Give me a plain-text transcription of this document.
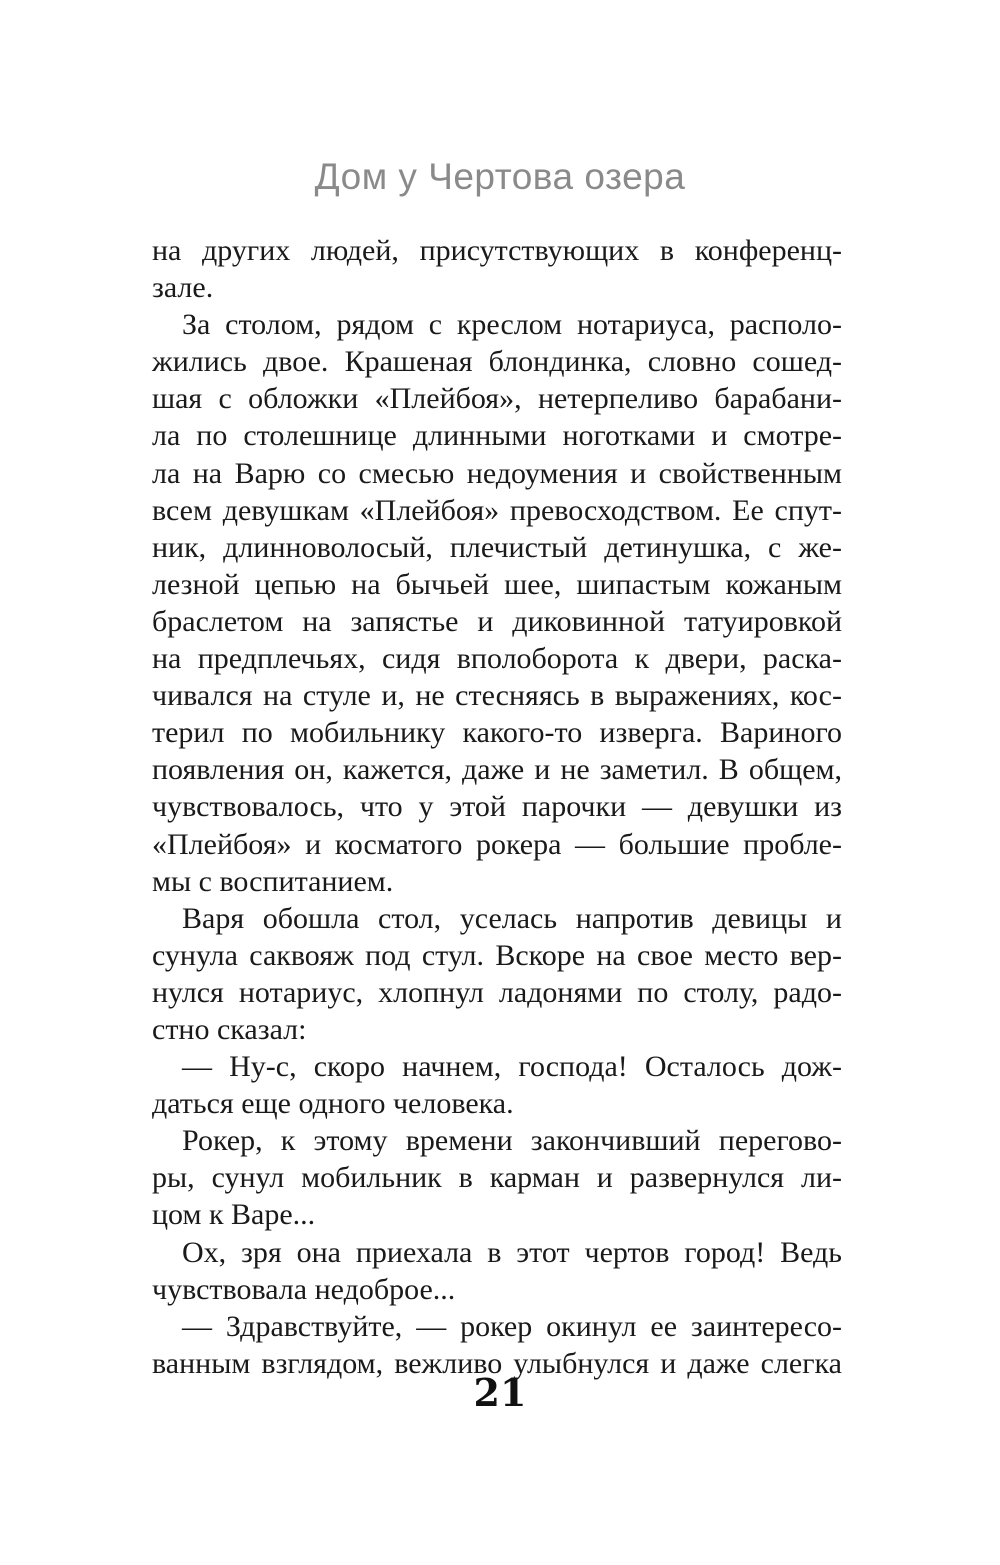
Дом у Чертова озера
на других людей, присутствующих в конференц-
зале.
За столом, рядом с креслом нотариуса, располо-
жились двое. Крашеная блондинка, словно сошед-
шая с обложки «Плейбоя», нетерпеливо барабани-
ла по столешнице длинными ноготками и смотре-
ла на Варю со смесью недоумения и свойственным
всем девушкам «Плейбоя» превосходством. Ее спут-
ник, длинноволосый, плечистый детинушка, с же-
лезной цепью на бычьей шее, шипастым кожаным
браслетом на запястье и диковинной татуировкой
на предплечьях, сидя вполоборота к двери, раска-
чивался на стуле и, не стесняясь в выражениях, кос-
терил по мобильнику какого-то изверга. Вариного
появления он, кажется, даже и не заметил. В общем,
чувствовалось, что у этой парочки — девушки из
«Плейбоя» и косматого рокера — большие пробле-
мы с воспитанием.
Варя обошла стол, уселась напротив девицы и
сунула саквояж под стул. Вскоре на свое место вер-
нулся нотариус, хлопнул ладонями по столу, радо-
стно сказал:
— Ну-с, скоро начнем, господа! Осталось дож-
даться еще одного человека.
Рокер, к этому времени закончивший перегово-
ры, сунул мобильник в карман и развернулся ли-
цом к Варе...
Ох, зря она приехала в этот чертов город! Ведь
чувствовала недоброе...
— Здравствуйте, — рокер окинул ее заинтересо-
ванным взглядом, вежливо улыбнулся и даже слегка
21
